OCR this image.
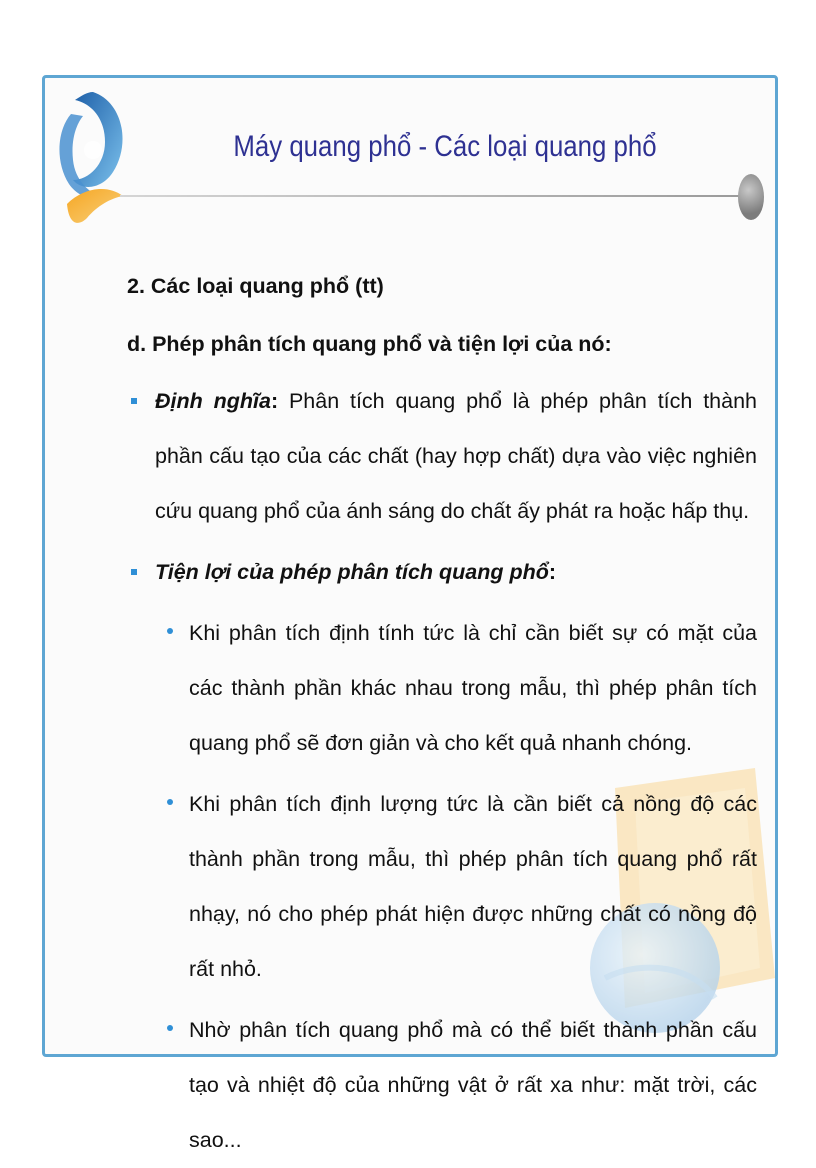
Máy quang phổ - Các loại quang phổ

2. Các loại quang phổ (tt)

d. Phép phân tích quang phổ và tiện lợi của nó:

Định nghĩa: Phân tích quang phổ là phép phân tích thành phần cấu tạo của các chất (hay hợp chất) dựa vào việc nghiên cứu quang phổ của ánh sáng do chất ấy phát ra hoặc hấp thụ.
Tiện lợi của phép phân tích quang phổ:
Khi phân tích định tính tức là chỉ cần biết sự có mặt của các thành phần khác nhau trong mẫu, thì phép phân tích quang phổ sẽ đơn giản và cho kết quả nhanh chóng.
Khi phân tích định lượng tức là cần biết cả nồng độ các thành phần trong mẫu, thì phép phân tích quang phổ rất nhạy, nó cho phép phát hiện được những chất có nồng độ rất nhỏ.
Nhờ phân tích quang phổ mà có thể biết thành phần cấu tạo và nhiệt độ của những vật ở rất xa như: mặt trời, các sao...
